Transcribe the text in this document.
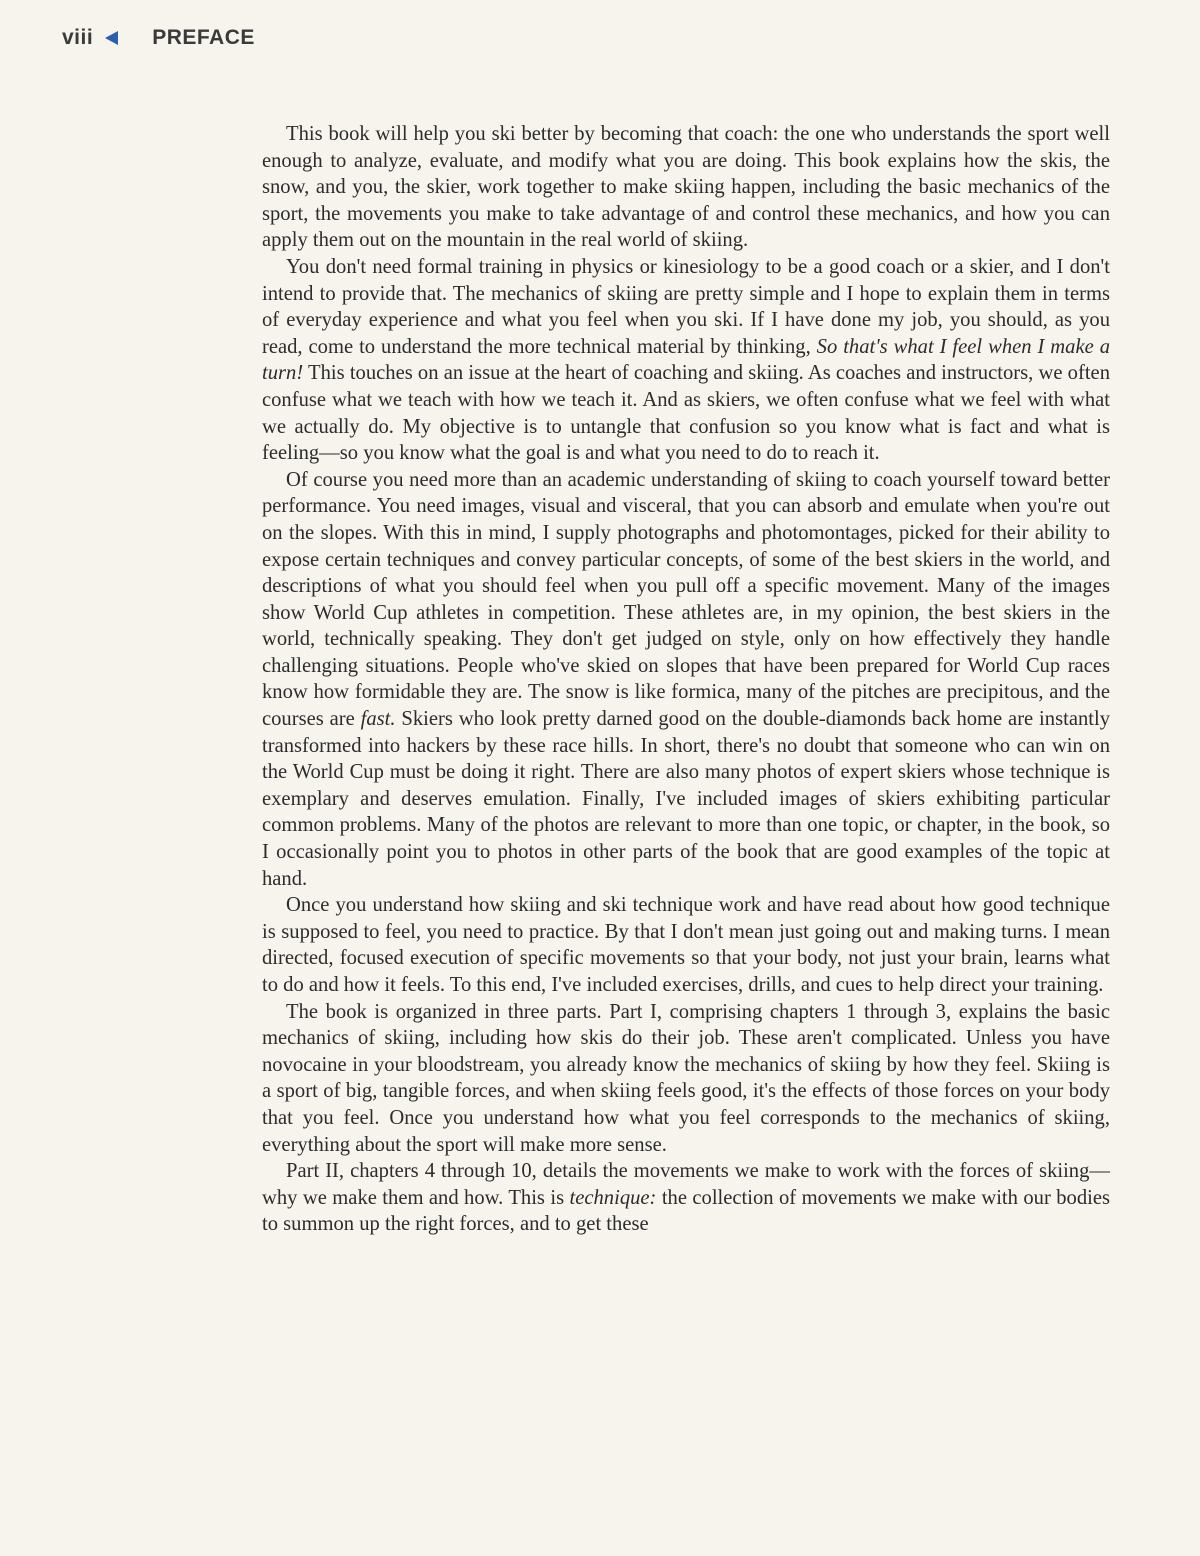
viii	PREFACE

This book will help you ski better by becoming that coach: the one who understands the sport well enough to analyze, evaluate, and modify what you are doing. This book explains how the skis, the snow, and you, the skier, work together to make skiing happen, including the basic mechanics of the sport, the movements you make to take advantage of and control these mechanics, and how you can apply them out on the mountain in the real world of skiing.

You don't need formal training in physics or kinesiology to be a good coach or a skier, and I don't intend to provide that. The mechanics of skiing are pretty simple and I hope to explain them in terms of everyday experience and what you feel when you ski. If I have done my job, you should, as you read, come to understand the more technical material by thinking, So that's what I feel when I make a turn! This touches on an issue at the heart of coaching and skiing. As coaches and instructors, we often confuse what we teach with how we teach it. And as skiers, we often confuse what we feel with what we actually do. My objective is to untangle that confusion so you know what is fact and what is feeling—so you know what the goal is and what you need to do to reach it.

Of course you need more than an academic understanding of skiing to coach yourself toward better performance. You need images, visual and visceral, that you can absorb and emulate when you're out on the slopes. With this in mind, I supply photographs and photomontages, picked for their ability to expose certain techniques and convey particular concepts, of some of the best skiers in the world, and descriptions of what you should feel when you pull off a specific movement. Many of the images show World Cup athletes in competition. These athletes are, in my opinion, the best skiers in the world, technically speaking. They don't get judged on style, only on how effectively they handle challenging situations. People who've skied on slopes that have been prepared for World Cup races know how formidable they are. The snow is like formica, many of the pitches are precipitous, and the courses are fast. Skiers who look pretty darned good on the double-diamonds back home are instantly transformed into hackers by these race hills. In short, there's no doubt that someone who can win on the World Cup must be doing it right. There are also many photos of expert skiers whose technique is exemplary and deserves emulation. Finally, I've included images of skiers exhibiting particular common problems. Many of the photos are relevant to more than one topic, or chapter, in the book, so I occasionally point you to photos in other parts of the book that are good examples of the topic at hand.

Once you understand how skiing and ski technique work and have read about how good technique is supposed to feel, you need to practice. By that I don't mean just going out and making turns. I mean directed, focused execution of specific movements so that your body, not just your brain, learns what to do and how it feels. To this end, I've included exercises, drills, and cues to help direct your training.

The book is organized in three parts. Part I, comprising chapters 1 through 3, explains the basic mechanics of skiing, including how skis do their job. These aren't complicated. Unless you have novocaine in your bloodstream, you already know the mechanics of skiing by how they feel. Skiing is a sport of big, tangible forces, and when skiing feels good, it's the effects of those forces on your body that you feel. Once you understand how what you feel corresponds to the mechanics of skiing, everything about the sport will make more sense.

Part II, chapters 4 through 10, details the movements we make to work with the forces of skiing—why we make them and how. This is technique: the collection of movements we make with our bodies to summon up the right forces, and to get these
